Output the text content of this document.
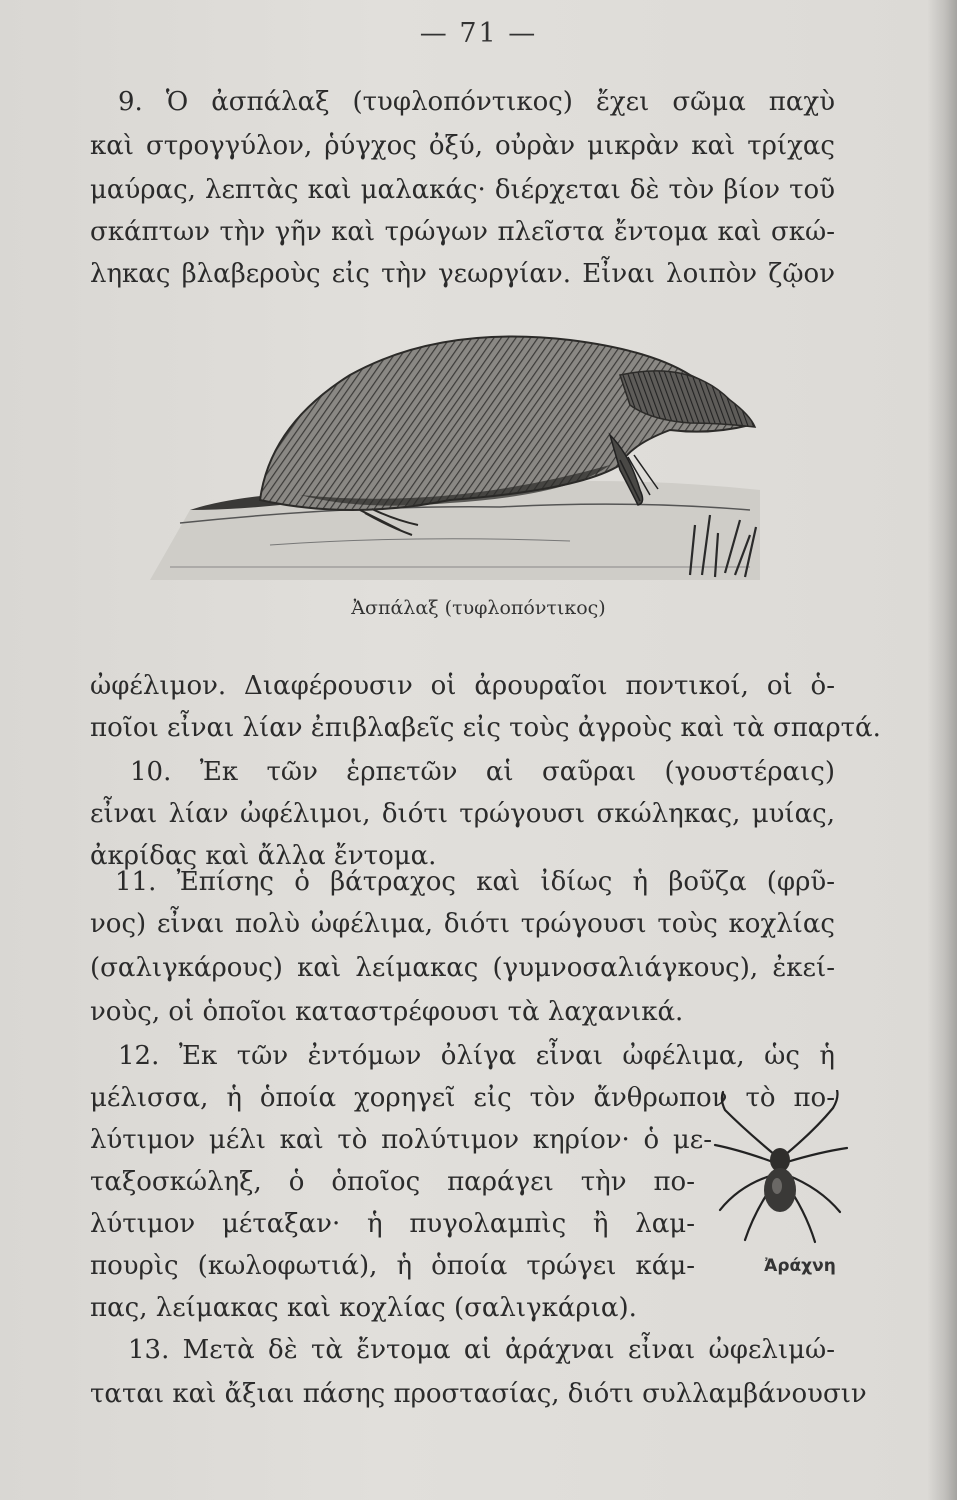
— 71 —
9. Ὁ ἀσπάλαξ (τυφλοπόντικος) ἔχει σῶμα παχὺ
καὶ στρογγύλον, ῥύγχος ὀξύ, οὐρὰν μικρὰν καὶ τρίχας
μαύρας, λεπτὰς καὶ μαλακάς· διέρχεται δὲ τὸν βίον τοῦ
σκάπτων τὴν γῆν καὶ τρώγων πλεῖστα ἔντομα καὶ σκώ-
ληκας βλαβεροὺς εἰς τὴν γεωργίαν. Εἶναι λοιπὸν ζῷον
Ἀσπάλαξ (τυφλοπόντικος)
ὠφέλιμον. Διαφέρουσιν οἱ ἀρουραῖοι ποντικοί, οἱ ὁ-
ποῖοι εἶναι λίαν ἐπιβλαβεῖς εἰς τοὺς ἀγροὺς καὶ τὰ σπαρτά.
10. Ἐκ τῶν ἑρπετῶν αἱ σαῦραι (γουστέραις)
εἶναι λίαν ὠφέλιμοι, διότι τρώγουσι σκώληκας, μυίας,
ἀκρίδας καὶ ἄλλα ἔντομα.
11. Ἐπίσης ὁ βάτραχος καὶ ἰδίως ἡ βοῦζα (φρῦ-
νος) εἶναι πολὺ ὠφέλιμα, διότι τρώγουσι τοὺς κοχλίας
(σαλιγκάρους) καὶ λείμακας (γυμνοσαλιάγκους), ἐκεί-
νοὺς, οἱ ὁποῖοι καταστρέφουσι τὰ λαχανικά.
12. Ἐκ τῶν ἐντόμων ὀλίγα εἶναι ὠφέλιμα, ὡς ἡ
μέλισσα, ἡ ὁποία χορηγεῖ εἰς τὸν ἄνθρωπον τὸ πο-
λύτιμον μέλι καὶ τὸ πολύτιμον κηρίον· ὁ με-
ταξοσκώληξ, ὁ ὁποῖος παράγει τὴν πο-
λύτιμον μέταξαν· ἡ πυγολαμπὶς ἢ λαμ-
πουρὶς (κωλοφωτιά), ἡ ὁποία τρώγει κάμ-
πας, λείμακας καὶ κοχλίας (σαλιγκάρια).
Ἀράχνη
13. Μετὰ δὲ τὰ ἔντομα αἱ ἀράχναι εἶναι ὠφελιμώ-
ταται καὶ ἄξιαι πάσης προστασίας, διότι συλλαμβάνουσιν
